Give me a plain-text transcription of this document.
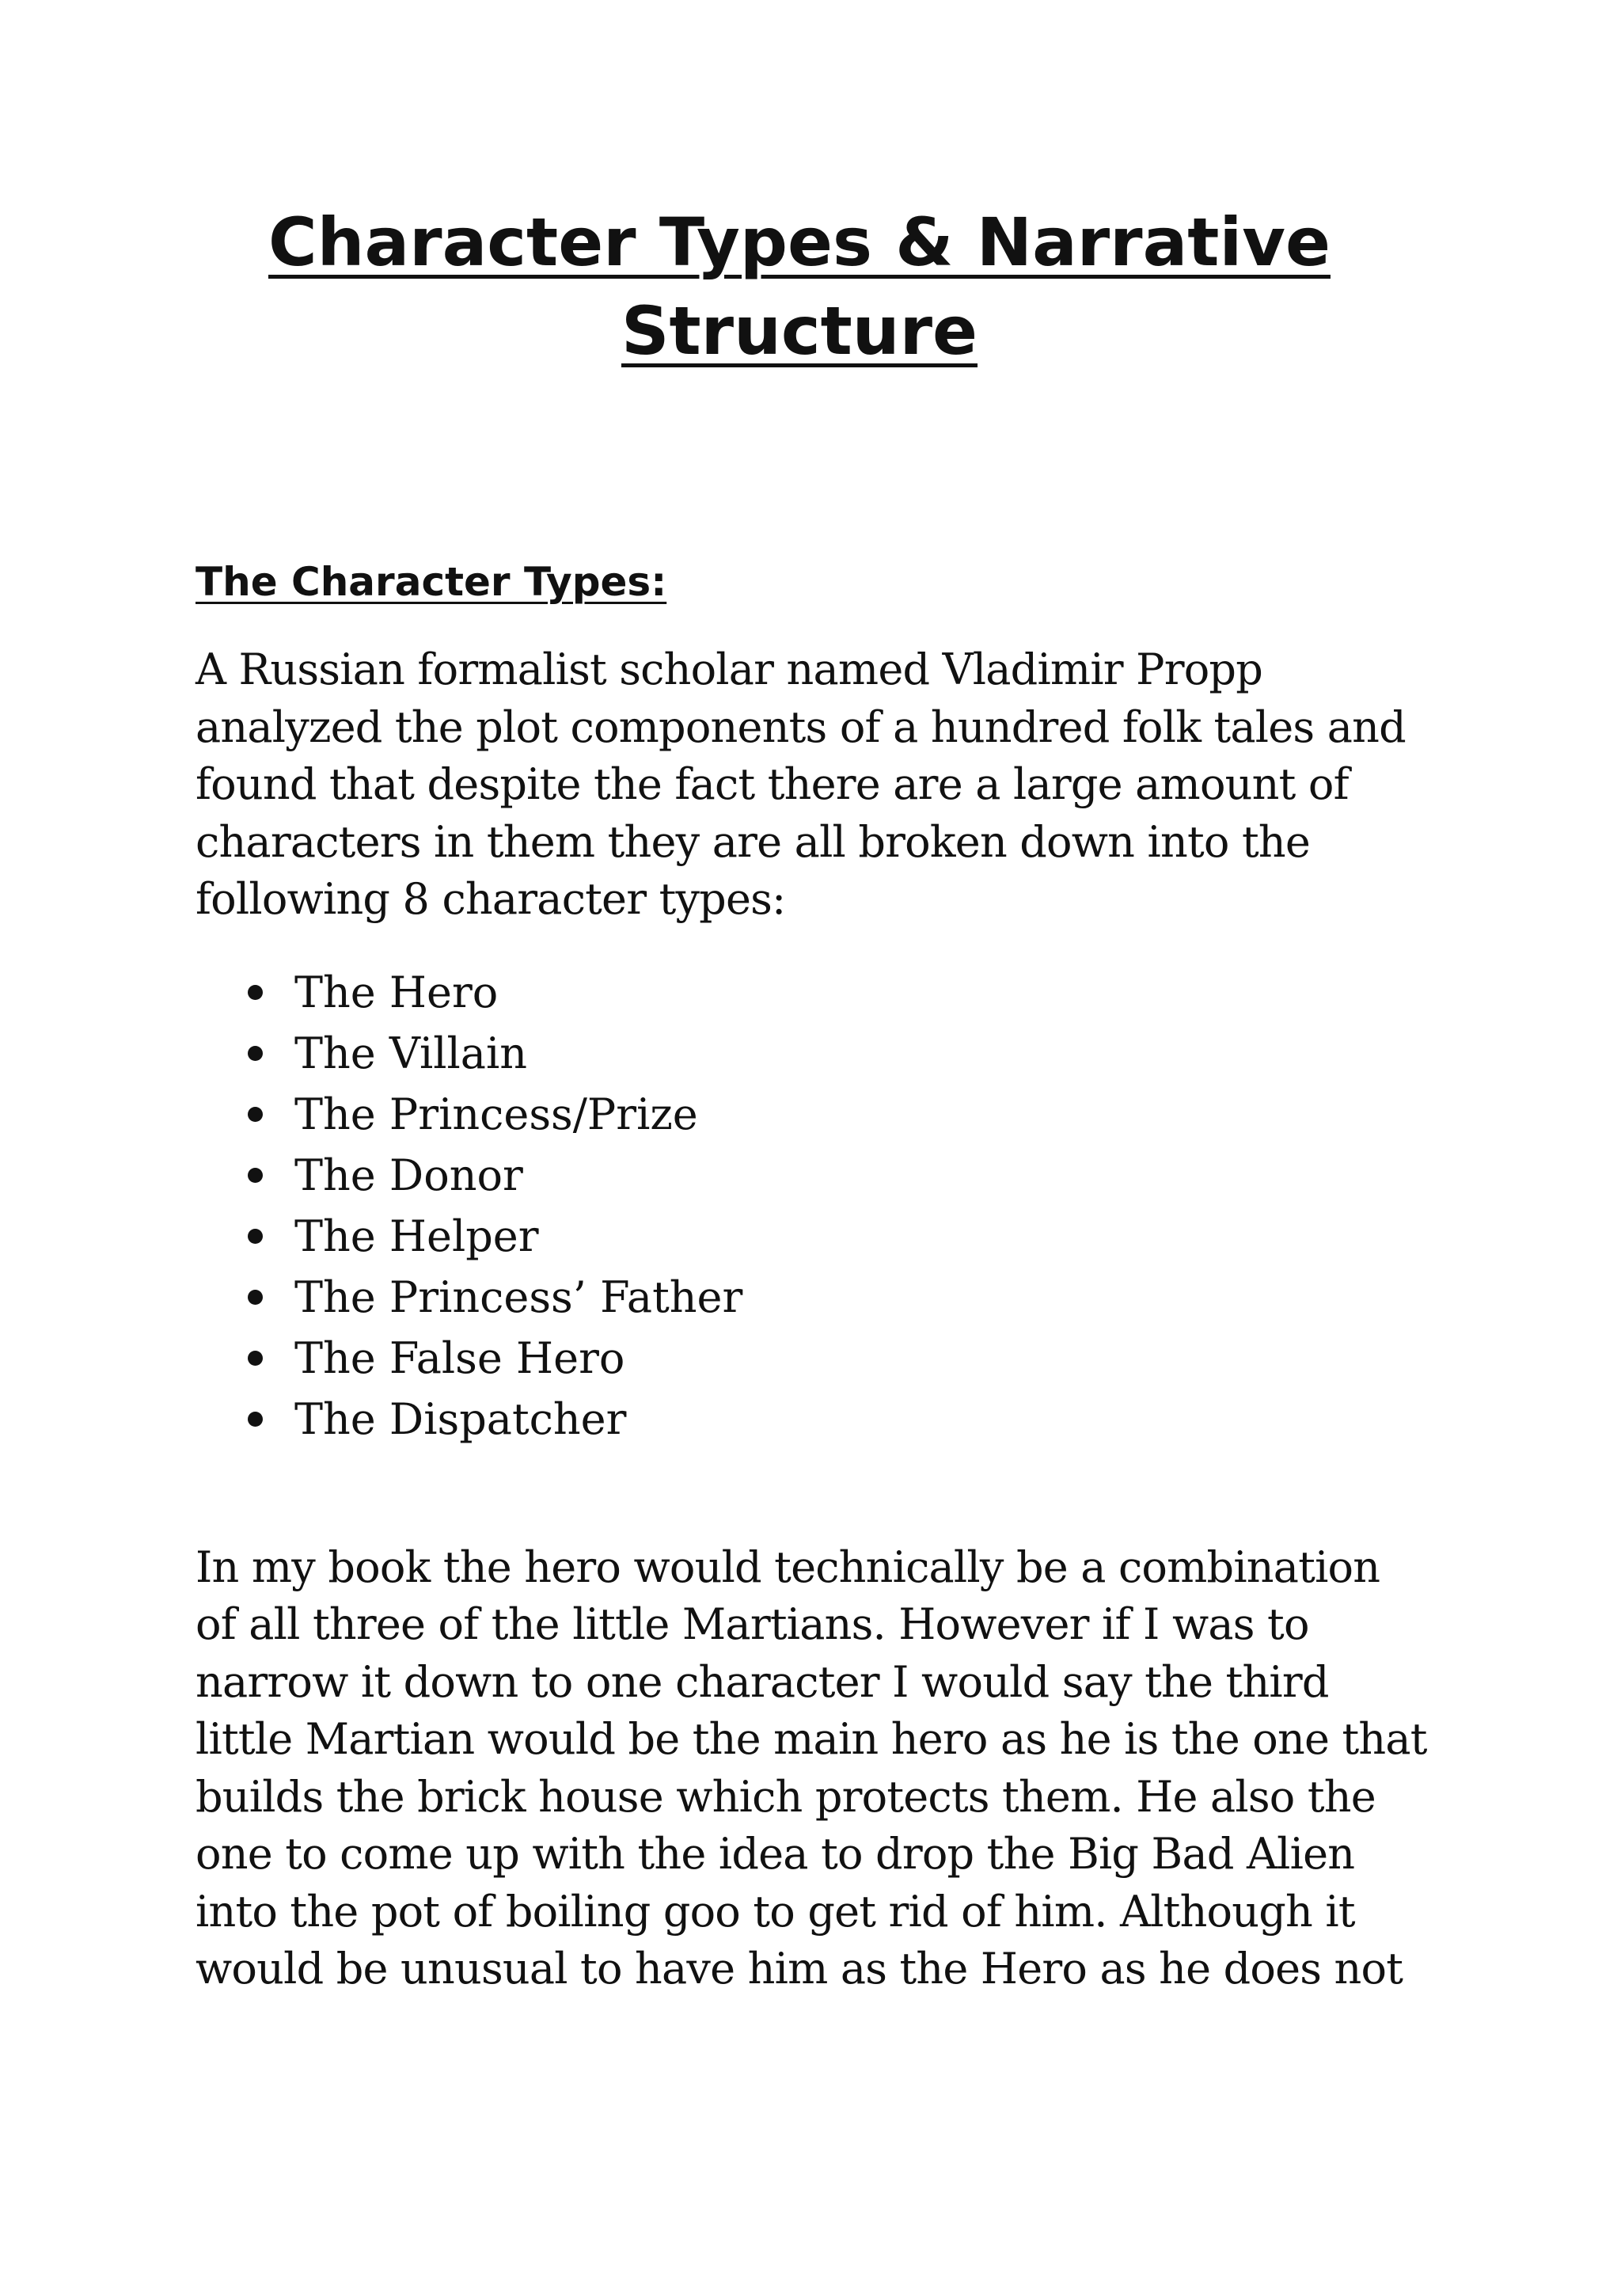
Character Types & Narrative
Structure
The Character Types:

A Russian formalist scholar named Vladimir Propp analyzed the plot components of a hundred folk tales and found that despite the fact there are a large amount of characters in them they are all broken down into the following 8 character types:

The Hero
The Villain
The Princess/Prize
The Donor
The Helper
The Princess’ Father
The False Hero
The Dispatcher

In my book the hero would technically be a combination of all three of the little Martians. However if I was to narrow it down to one character I would say the third little Martian would be the main hero as he is the one that builds the brick house which protects them. He also the one to come up with the idea to drop the Big Bad Alien into the pot of boiling goo to get rid of him. Although it would be unusual to have him as the Hero as he does not
